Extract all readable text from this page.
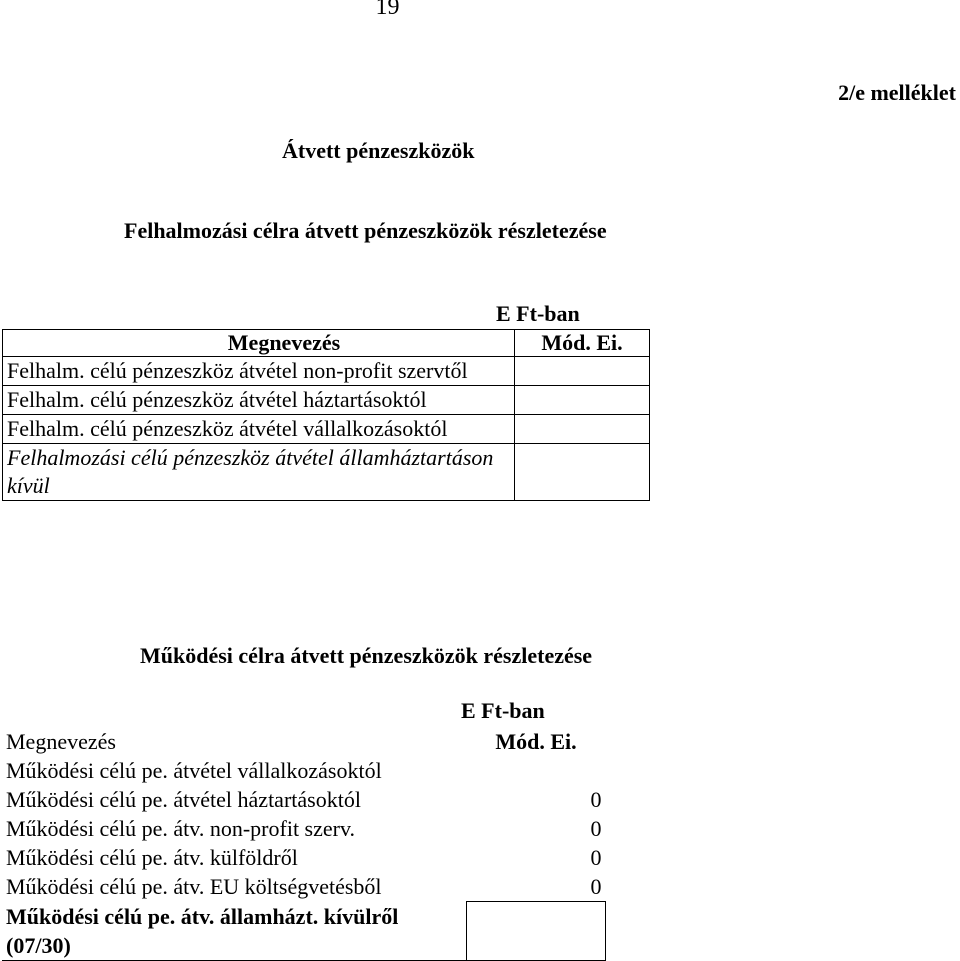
19
2/e melléklet
Átvett pénzeszközök
Felhalmozási célra átvett pénzeszközök részletezése
E Ft-ban
Megnevezés	Mód. Ei.
Felhalm. célú pénzeszköz átvétel non-profit szervtől	
Felhalm. célú pénzeszköz átvétel háztartásoktól	
Felhalm. célú pénzeszköz átvétel vállalkozásoktól	
Felhalmozási célú pénzeszköz átvétel államháztartáson kívül	
Működési célra átvett pénzeszközök részletezése
E Ft-ban
Megnevezés	Mód. Ei.
Működési célú pe. átvétel vállalkozásoktól	
Működési célú pe. átvétel háztartásoktól	0
Működési célú pe. átv. non-profit szerv.	0
Működési célú pe. átv. külföldről	0
Működési célú pe. átv. EU költségvetésből	0
Működési célú pe. átv. államházt. kívülről (07/30)	
